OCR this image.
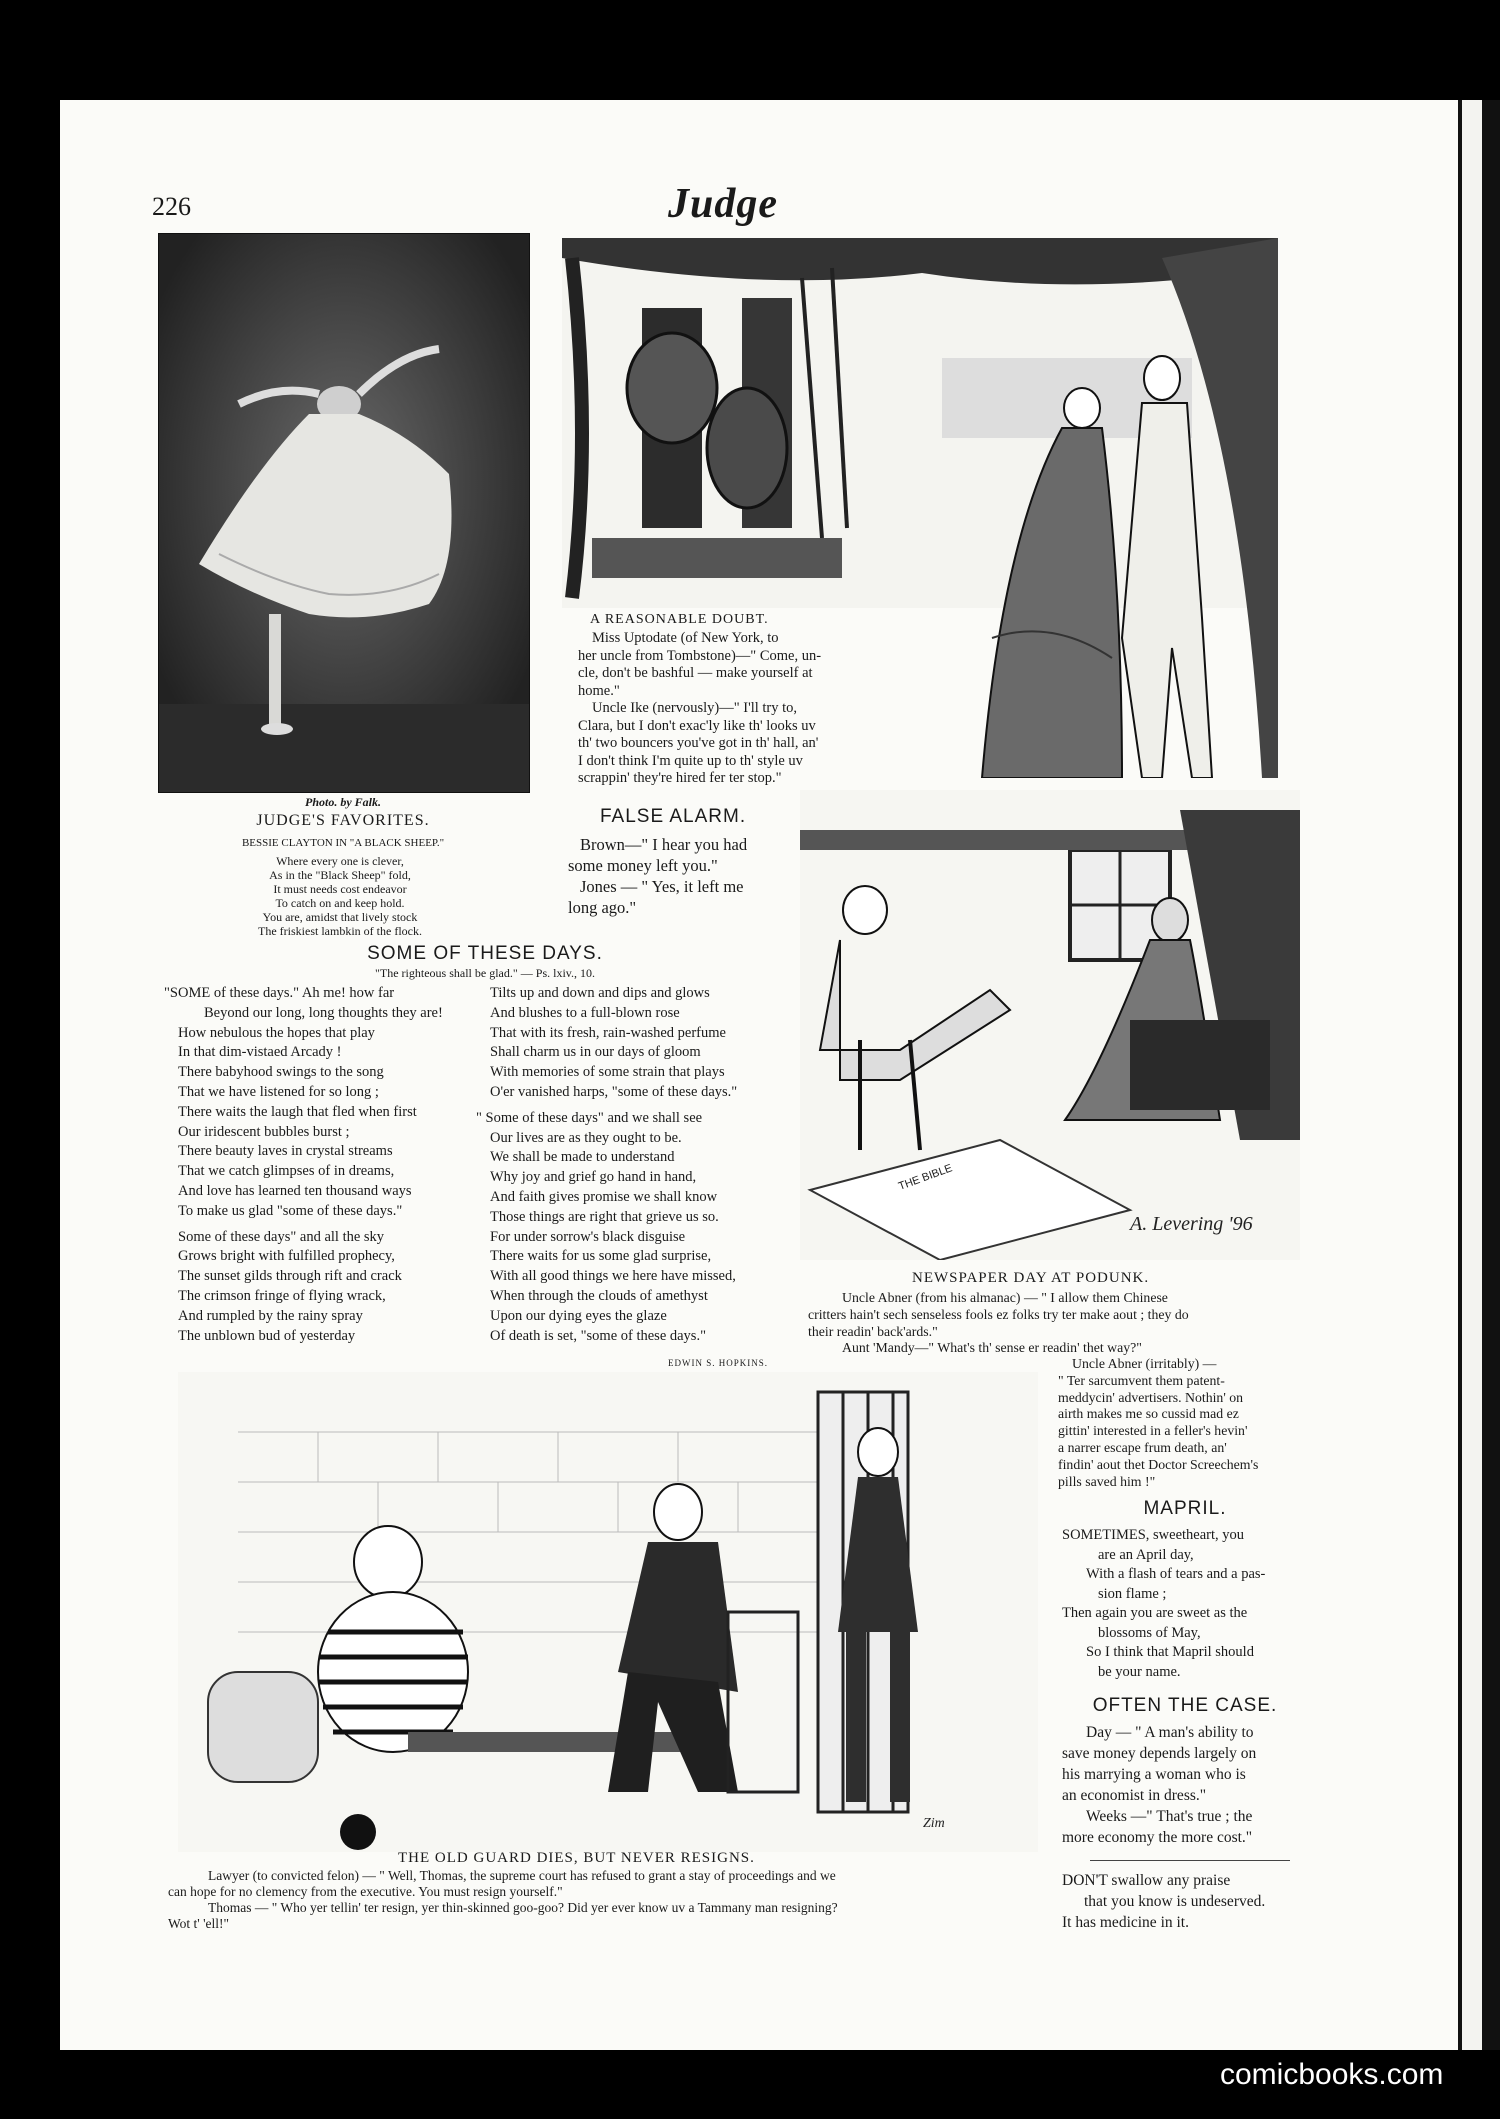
226	Judge
Photo. by Falk.
JUDGE'S FAVORITES.
BESSIE CLAYTON IN "A BLACK SHEEP."
Where every one is clever,
As in the "Black Sheep" fold,
It must needs cost endeavor
To catch on and keep hold.
You are, amidst that lively stock
The friskiest lambkin of the flock.
A REASONABLE DOUBT.
Miss Uptodate (of New York, to
her uncle from Tombstone)—" Come, un-
cle, don't be bashful — make yourself at
home."
Uncle Ike (nervously)—" I'll try to,
Clara, but I don't exac'ly like th' looks uv
th' two bouncers you've got in th' hall, an'
I don't think I'm quite up to th' style uv
scrappin' they're hired fer ter stop."
FALSE ALARM.
Brown—" I hear you had
some money left you."
Jones — " Yes, it left me
long ago."
SOME OF THESE DAYS.
"The righteous shall be glad." — Ps. lxiv., 10.
"SOME of these days." Ah me! how far
Beyond our long, long thoughts they are!
How nebulous the hopes that play
In that dim-vistaed Arcady !
There babyhood swings to the song
That we have listened for so long ;
There waits the laugh that fled when first
Our iridescent bubbles burst ;
There beauty laves in crystal streams
That we catch glimpses of in dreams,
And love has learned ten thousand ways
To make us glad "some of these days."
Some of these days" and all the sky
Grows bright with fulfilled prophecy,
The sunset gilds through rift and crack
The crimson fringe of flying wrack,
And rumpled by the rainy spray
The unblown bud of yesterday
Tilts up and down and dips and glows
And blushes to a full-blown rose
That with its fresh, rain-washed perfume
Shall charm us in our days of gloom
With memories of some strain that plays
O'er vanished harps, "some of these days."
" Some of these days" and we shall see
Our lives are as they ought to be.
We shall be made to understand
Why joy and grief go hand in hand,
And faith gives promise we shall know
Those things are right that grieve us so.
For under sorrow's black disguise
There waits for us some glad surprise,
With all good things we here have missed,
When through the clouds of amethyst
Upon our dying eyes the glaze
Of death is set, "some of these days."
EDWIN S. HOPKINS.
THE BIBLE
A. Levering '96
NEWSPAPER DAY AT PODUNK.
Uncle Abner (from his almanac) — " I allow them Chinese
critters hain't sech senseless fools ez folks try ter make aout ; they do
their readin' back'ards."
Aunt 'Mandy—" What's th' sense er readin' thet way?"
Uncle Abner (irritably) —
" Ter sarcumvent them patent-
meddycin' advertisers. Nothin' on
airth makes me so cussid mad ez
gittin' interested in a feller's hevin'
a narrer escape frum death, an'
findin' aout thet Doctor Screechem's
pills saved him !"
Zim
THE OLD GUARD DIES, BUT NEVER RESIGNS.
Lawyer (to convicted felon) — " Well, Thomas, the supreme court has refused to grant a stay of proceedings and we
can hope for no clemency from the executive. You must resign yourself."
Thomas — " Who yer tellin' ter resign, yer thin-skinned goo-goo? Did yer ever know uv a Tammany man resigning?
Wot t' 'ell!"
MAPRIL.
SOMETIMES, sweetheart, you
are an April day,
With a flash of tears and a pas-
sion flame ;
Then again you are sweet as the
blossoms of May,
So I think that Mapril should
be your name.
OFTEN THE CASE.
Day — " A man's ability to
save money depends largely on
his marrying a woman who is
an economist in dress."
Weeks —" That's true ; the
more economy the more cost."
DON'T swallow any praise
that you know is undeserved.
It has medicine in it.
comicbooks.com
